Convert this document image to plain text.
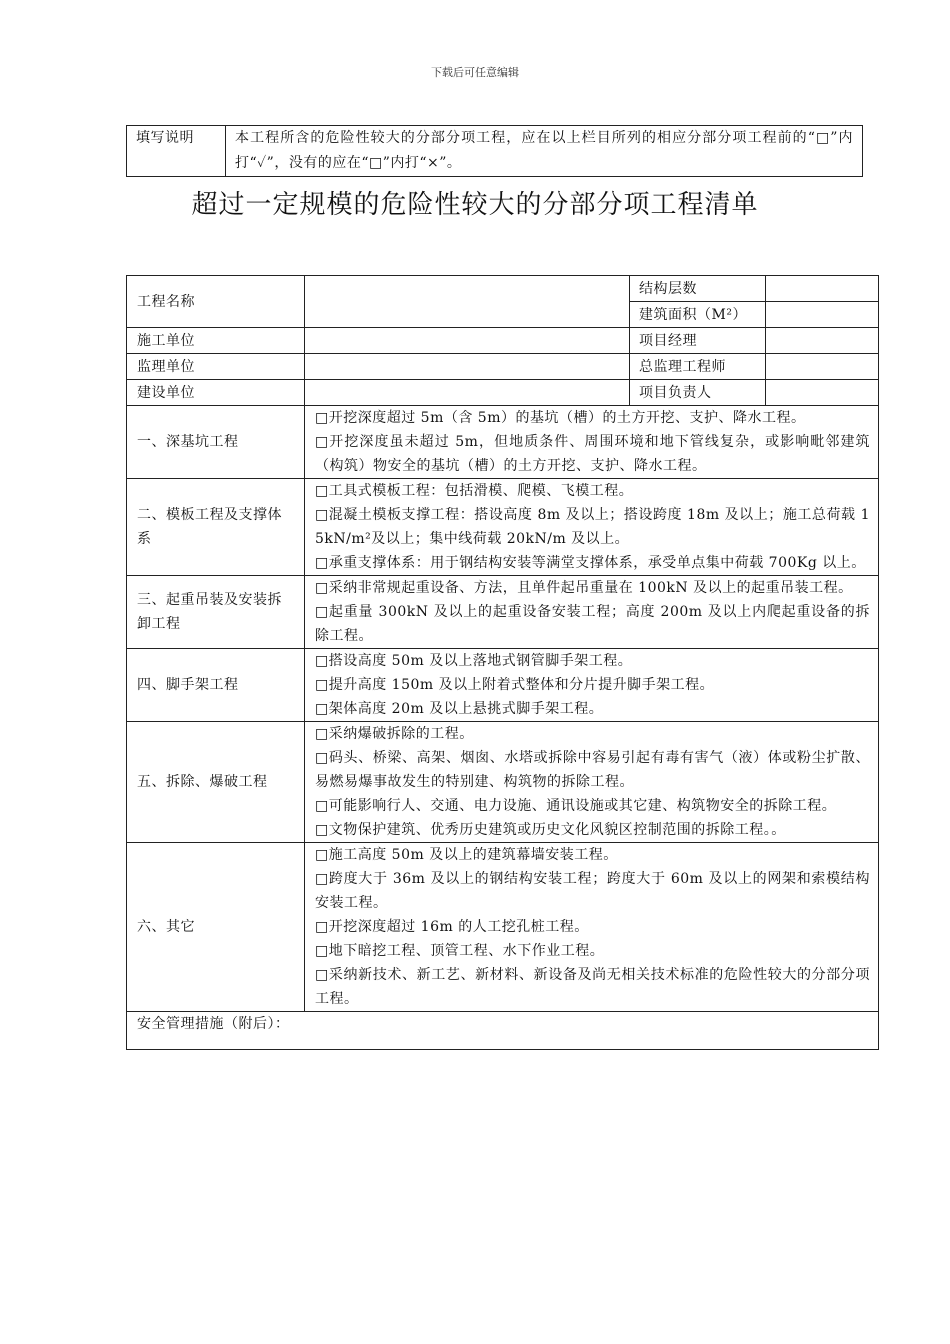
下载后可任意编辑
填写说明	本工程所含的危险性较大的分部分项工程，应在以上栏目所列的相应分部分项工程前的“□”内打“✓”，没有的应在“□”内打“×”。
超过一定规模的危险性较大的分部分项工程清单
工程名称		结构层数	
		建筑面积（M²）	
施工单位		项目经理	
监理单位		总监理工程师	
建设单位		项目负责人	
一、深基坑工程	□开挖深度超过 5m（含 5m）的基坑（槽）的土方开挖、支护、降水工程。
□开挖深度虽未超过 5m，但地质条件、周围环境和地下管线复杂，或影响毗邻建筑（构筑）物安全的基坑（槽）的土方开挖、支护、降水工程。		

二、模板工程及支撑体系	□工具式模板工程：包括滑模、爬模、飞模工程。
□混凝土模板支撑工程：搭设高度 8m 及以上；搭设跨度 18m 及以上；施工总荷载 15kN/m²及以上；集中线荷载 20kN/m 及以上。
□承重支撑体系：用于钢结构安装等满堂支撑体系，承受单点集中荷载 700Kg 以上。		

三、起重吊装及安装拆卸工程	□采纳非常规起重设备、方法，且单件起吊重量在 100kN 及以上的起重吊装工程。
□起重量 300kN 及以上的起重设备安装工程；高度 200m 及以上内爬起重设备的拆除工程。		

四、脚手架工程	□搭设高度 50m 及以上落地式钢管脚手架工程。
□提升高度 150m 及以上附着式整体和分片提升脚手架工程。
□架体高度 20m 及以上悬挑式脚手架工程。		

五、拆除、爆破工程	□采纳爆破拆除的工程。
□码头、桥梁、高架、烟囱、水塔或拆除中容易引起有毒有害气（液）体或粉尘扩散、易燃易爆事故发生的特别建、构筑物的拆除工程。
□可能影响行人、交通、电力设施、通讯设施或其它建、构筑物安全的拆除工程。
□文物保护建筑、优秀历史建筑或历史文化风貌区控制范围的拆除工程。。		

六、其它	□施工高度 50m 及以上的建筑幕墙安装工程。
□跨度大于 36m 及以上的钢结构安装工程；跨度大于 60m 及以上的网架和索模结构安装工程。
□开挖深度超过 16m 的人工挖孔桩工程。
□地下暗挖工程、顶管工程、水下作业工程。
□采纳新技术、新工艺、新材料、新设备及尚无相关技术标准的危险性较大的分部分项工程。		

安全管理措施（附后）：			
